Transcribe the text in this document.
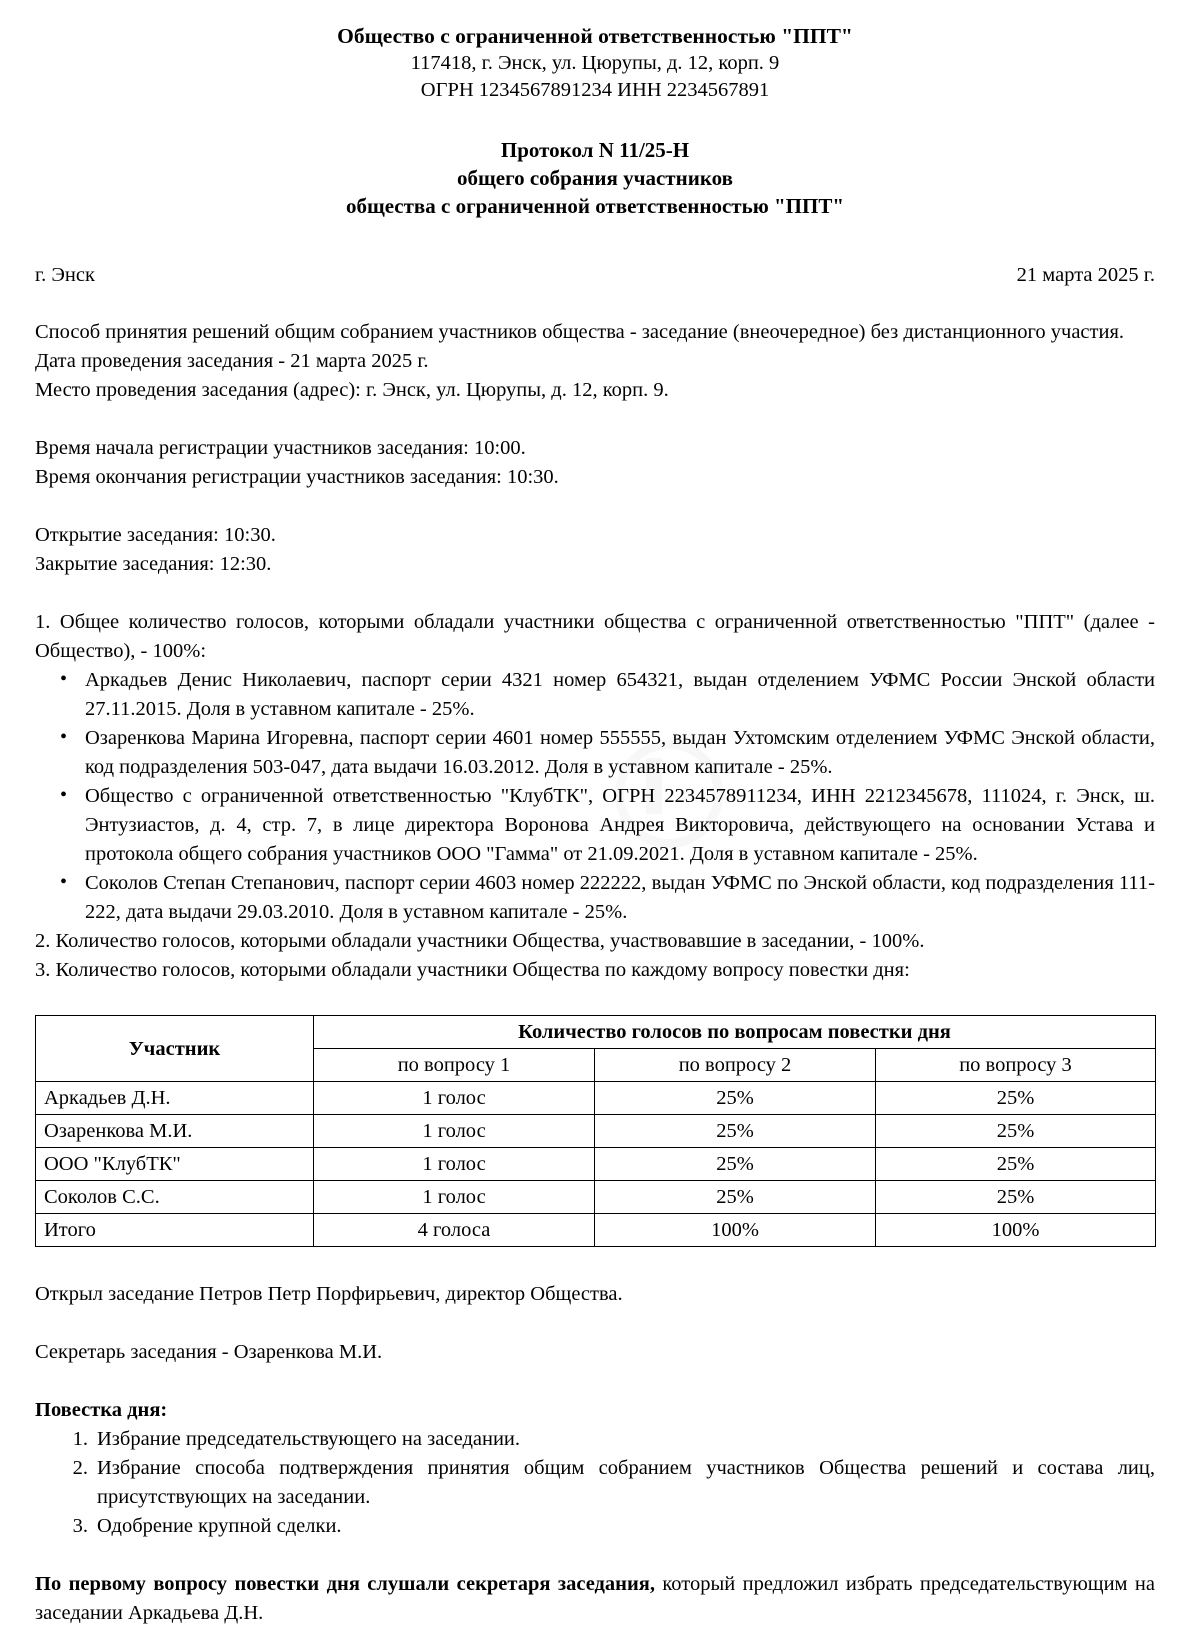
Общество с ограниченной ответственностью "ППТ"
117418, г. Энск, ул. Цюрупы, д. 12, корп. 9
ОГРН 1234567891234 ИНН 2234567891
Протокол N 11/25-Н
общего собрания участников
общества с ограниченной ответственностью "ППТ"
г. Энск	21 марта 2025 г.
Способ принятия решений общим собранием участников общества - заседание (внеочередное) без дистанционного участия.
Дата проведения заседания - 21 марта 2025 г.
Место проведения заседания (адрес): г. Энск, ул. Цюрупы, д. 12, корп. 9.
Время начала регистрации участников заседания: 10:00.
Время окончания регистрации участников заседания: 10:30.
Открытие заседания: 10:30.
Закрытие заседания: 12:30.
1. Общее количество голосов, которыми обладали участники общества с ограниченной ответственностью "ППТ" (далее - Общество), - 100%:
• Аркадьев Денис Николаевич, паспорт серии 4321 номер 654321, выдан отделением УФМС России Энской области 27.11.2015. Доля в уставном капитале - 25%.
• Озаренкова Марина Игоревна, паспорт серии 4601 номер 555555, выдан Ухтомским отделением УФМС Энской области, код подразделения 503-047, дата выдачи 16.03.2012. Доля в уставном капитале - 25%.
• Общество с ограниченной ответственностью "КлубТК", ОГРН 2234578911234, ИНН 2212345678, 111024, г. Энск, ш. Энтузиастов, д. 4, стр. 7, в лице директора Воронова Андрея Викторовича, действующего на основании Устава и протокола общего собрания участников ООО "Гамма" от 21.09.2021. Доля в уставном капитале - 25%.
• Соколов Степан Степанович, паспорт серии 4603 номер 222222, выдан УФМС по Энской области, код подразделения 111-222, дата выдачи 29.03.2010. Доля в уставном капитале - 25%.
2. Количество голосов, которыми обладали участники Общества, участвовавшие в заседании, - 100%.
3. Количество голосов, которыми обладали участники Общества по каждому вопросу повестки дня:
Участник	Количество голосов по вопросам повестки дня		
	по вопросу 1	по вопросу 2	по вопросу 3
Аркадьев Д.Н.	1 голос	25%	25%
Озаренкова М.И.	1 голос	25%	25%
ООО "КлубТК"	1 голос	25%	25%
Соколов С.С.	1 голос	25%	25%
Итого	4 голоса	100%	100%
Открыл заседание Петров Петр Порфирьевич, директор Общества.
Секретарь заседания - Озаренкова М.И.
Повестка дня:
1. Избрание председательствующего на заседании.
2. Избрание способа подтверждения принятия общим собранием участников Общества решений и состава лиц, присутствующих на заседании.
3. Одобрение крупной сделки.
По первому вопросу повестки дня слушали секретаря заседания, который предложил избрать председательствующим на заседании Аркадьева Д.Н.
